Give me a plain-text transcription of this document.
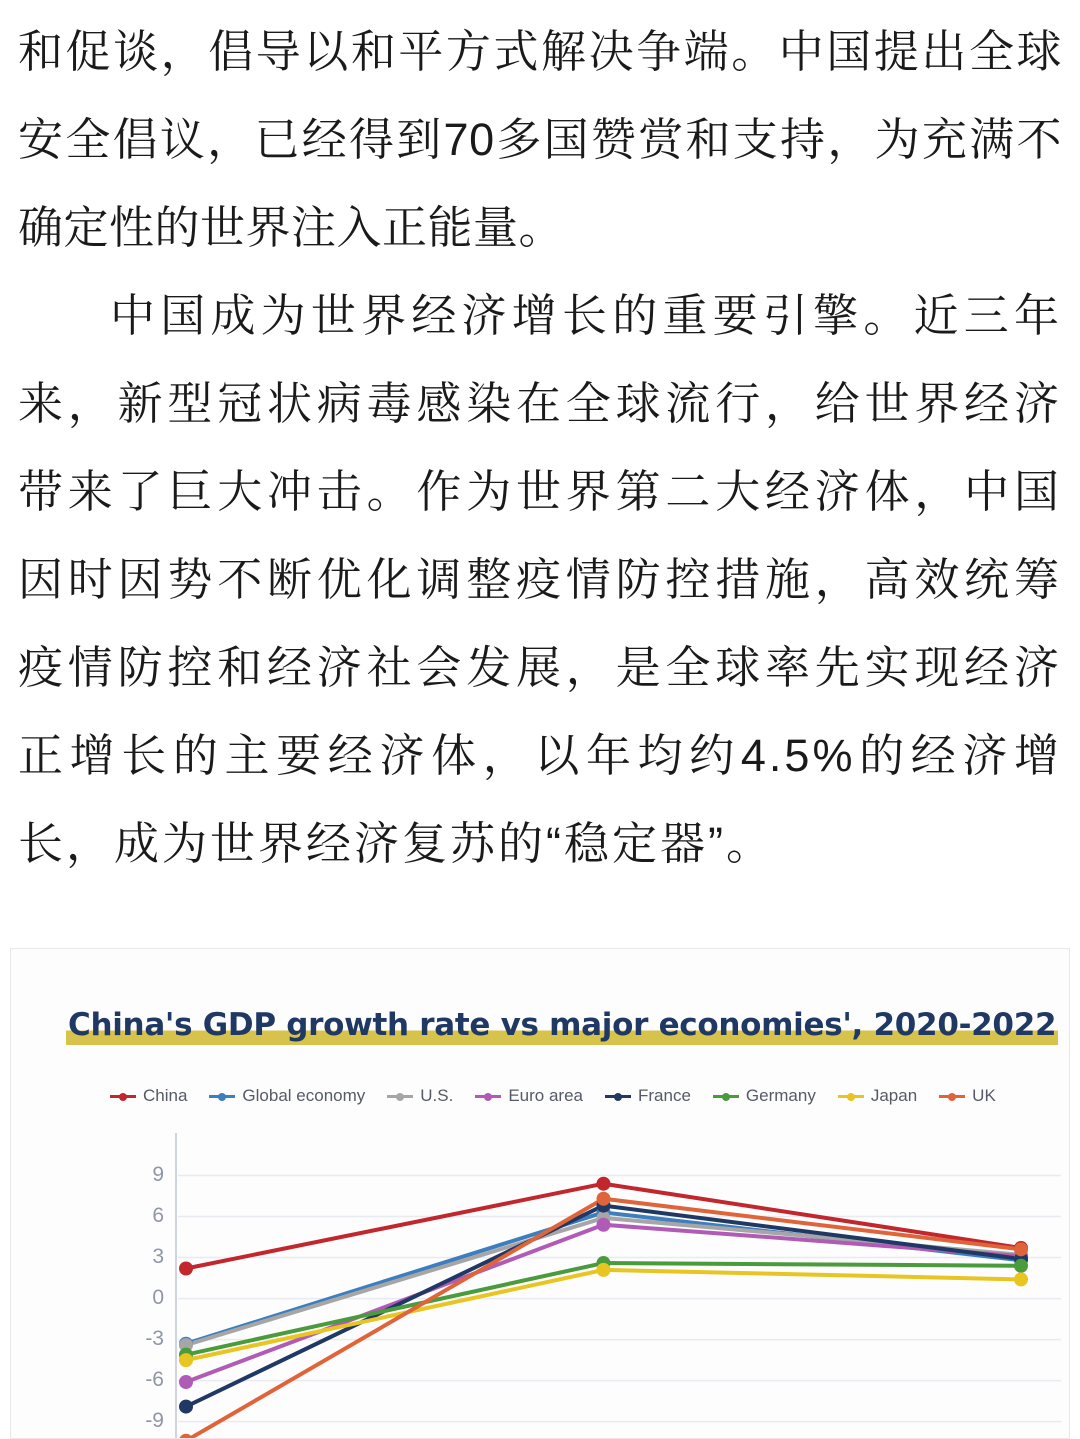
和促谈，倡导以和平方式解决争端。中国提出全球安全倡议，已经得到70多国赞赏和支持，为充满不确定性的世界注入正能量。

中国成为世界经济增长的重要引擎。近三年来，新型冠状病毒感染在全球流行，给世界经济带来了巨大冲击。作为世界第二大经济体，中国因时因势不断优化调整疫情防控措施，高效统筹疫情防控和经济社会发展，是全球率先实现经济正增长的主要经济体，以年均约4.5%的经济增长，成为世界经济复苏的“稳定器”。

China's GDP growth rate vs major economies', 2020-2022
9
6
3
0
-3
-6
-9
China	Global economy	U.S.	Euro area	France	Germany	Japan	UK
